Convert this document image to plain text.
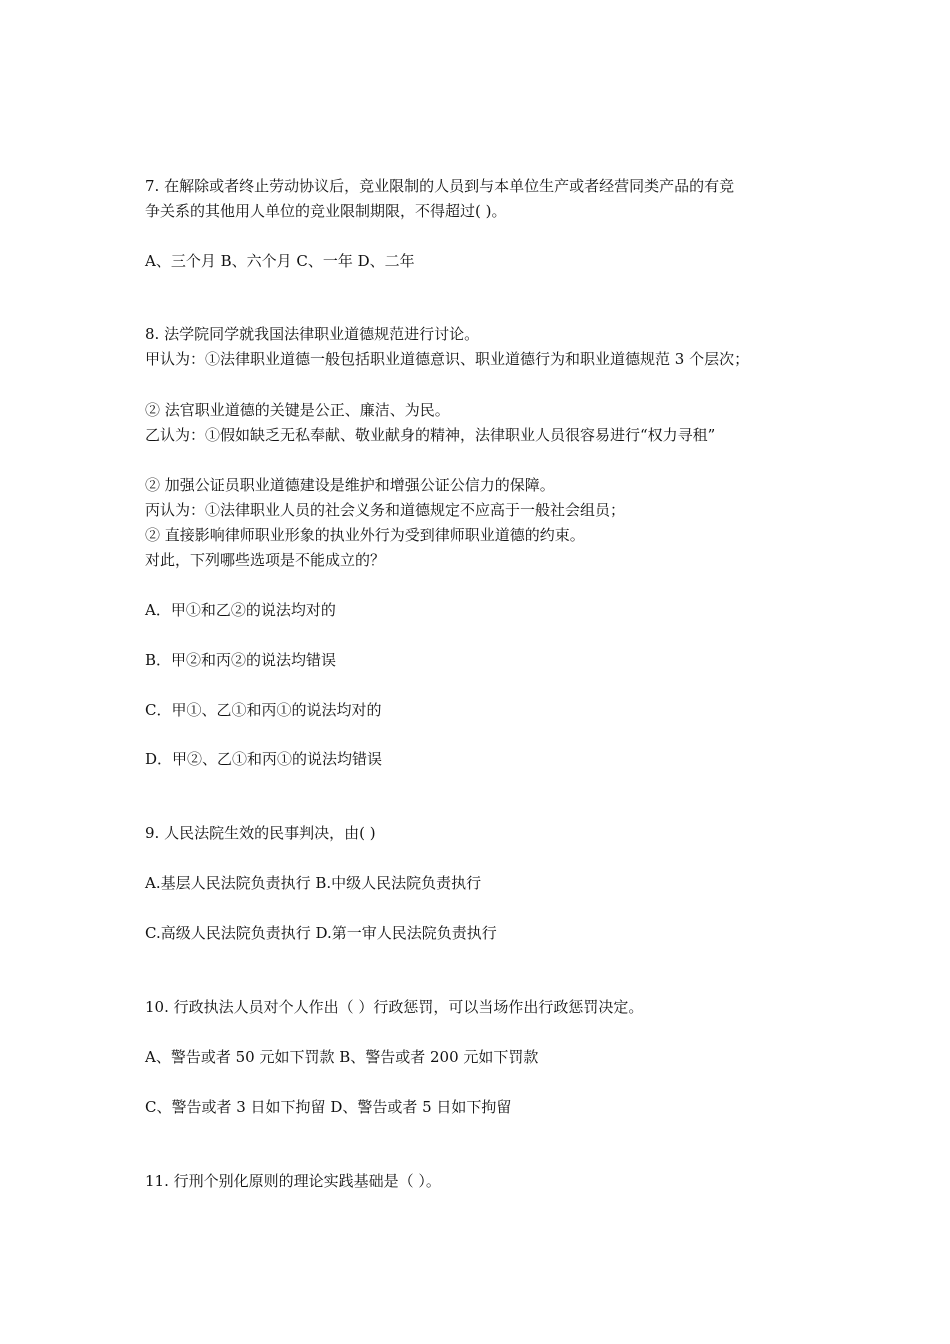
7. 在解除或者终止劳动协议后，竞业限制的人员到与本单位生产或者经营同类产品的有竞

争关系的其他用人单位的竞业限制期限，不得超过( )。

A、三个月 B、六个月 C、一年 D、二年

8. 法学院同学就我国法律职业道德规范进行讨论。

甲认为：①法律职业道德一般包括职业道德意识、职业道德行为和职业道德规范 3 个层次；

② 法官职业道德的关键是公正、廉洁、为民。

乙认为：①假如缺乏无私奉献、敬业献身的精神，法律职业人员很容易进行“权力寻租”

② 加强公证员职业道德建设是维护和增强公证公信力的保障。

丙认为：①法律职业人员的社会义务和道德规定不应高于一般社会组员；

② 直接影响律师职业形象的执业外行为受到律师职业道德的约束。

对此，下列哪些选项是不能成立的？

A．甲①和乙②的说法均对的

B．甲②和丙②的说法均错误

C．甲①、乙①和丙①的说法均对的

D．甲②、乙①和丙①的说法均错误

9. 人民法院生效的民事判决，由( )

A.基层人民法院负责执行 B.中级人民法院负责执行

C.高级人民法院负责执行 D.第一审人民法院负责执行

10. 行政执法人员对个人作出（ ）行政惩罚，可以当场作出行政惩罚决定。

A、警告或者 50 元如下罚款 B、警告或者 200 元如下罚款

C、警告或者 3 日如下拘留 D、警告或者 5 日如下拘留

11. 行刑个别化原则的理论实践基础是（ ）。
